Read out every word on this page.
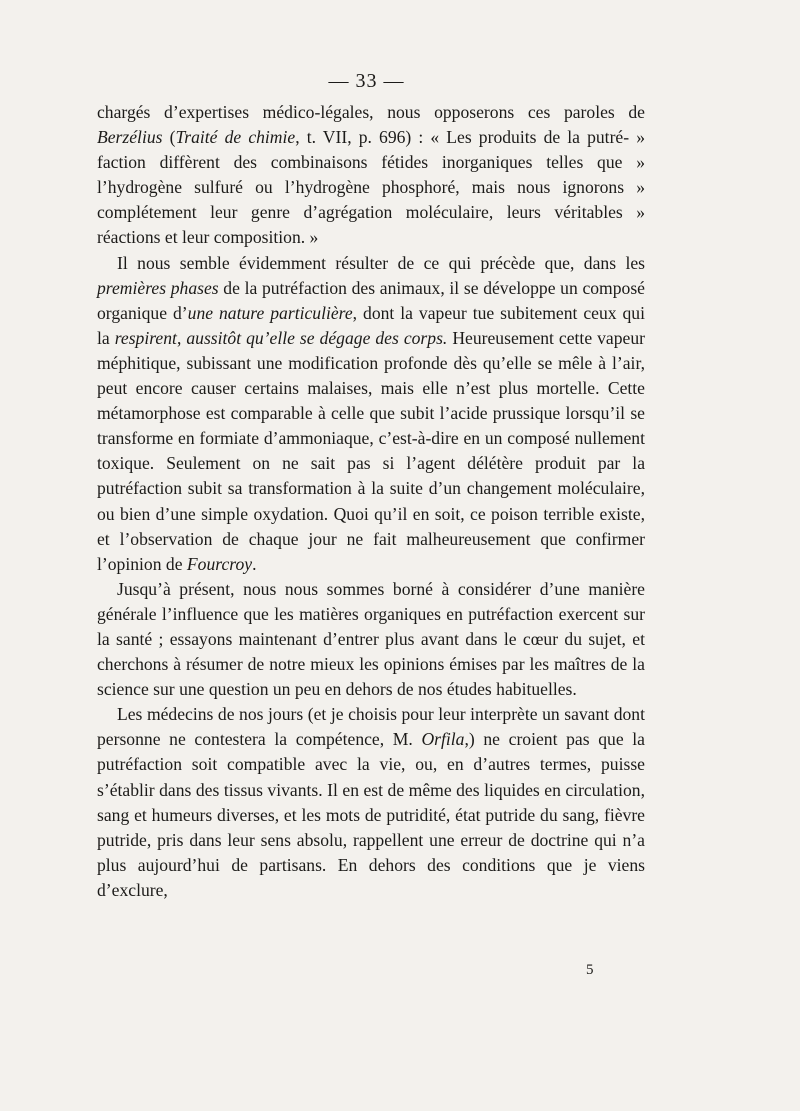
— 33 —

chargés d’expertises médico-légales, nous opposerons ces paroles de Berzélius (Traité de chimie, t. VII, p. 696) : « Les produits de la putré- » faction diffèrent des combinaisons fétides inorganiques telles que » l’hydrogène sulfuré ou l’hydrogène phosphoré, mais nous ignorons » complétement leur genre d’agrégation moléculaire, leurs véritables » réactions et leur composition. »

Il nous semble évidemment résulter de ce qui précède que, dans les premières phases de la putréfaction des animaux, il se développe un composé organique d’une nature particulière, dont la vapeur tue subitement ceux qui la respirent, aussitôt qu’elle se dégage des corps. Heureusement cette vapeur méphitique, subissant une modification profonde dès qu’elle se mêle à l’air, peut encore causer certains malaises, mais elle n’est plus mortelle. Cette métamorphose est comparable à celle que subit l’acide prussique lorsqu’il se transforme en formiate d’ammoniaque, c’est-à-dire en un composé nullement toxique. Seulement on ne sait pas si l’agent délétère produit par la putréfaction subit sa transformation à la suite d’un changement moléculaire, ou bien d’une simple oxydation. Quoi qu’il en soit, ce poison terrible existe, et l’observation de chaque jour ne fait malheureusement que confirmer l’opinion de Fourcroy.

Jusqu’à présent, nous nous sommes borné à considérer d’une manière générale l’influence que les matières organiques en putréfaction exercent sur la santé ; essayons maintenant d’entrer plus avant dans le cœur du sujet, et cherchons à résumer de notre mieux les opinions émises par les maîtres de la science sur une question un peu en dehors de nos études habituelles.

Les médecins de nos jours (et je choisis pour leur interprète un savant dont personne ne contestera la compétence, M. Orfila,) ne croient pas que la putréfaction soit compatible avec la vie, ou, en d’autres termes, puisse s’établir dans des tissus vivants. Il en est de même des liquides en circulation, sang et humeurs diverses, et les mots de putridité, état putride du sang, fièvre putride, pris dans leur sens absolu, rappellent une erreur de doctrine qui n’a plus aujourd’hui de partisans. En dehors des conditions que je viens d’exclure,

5
